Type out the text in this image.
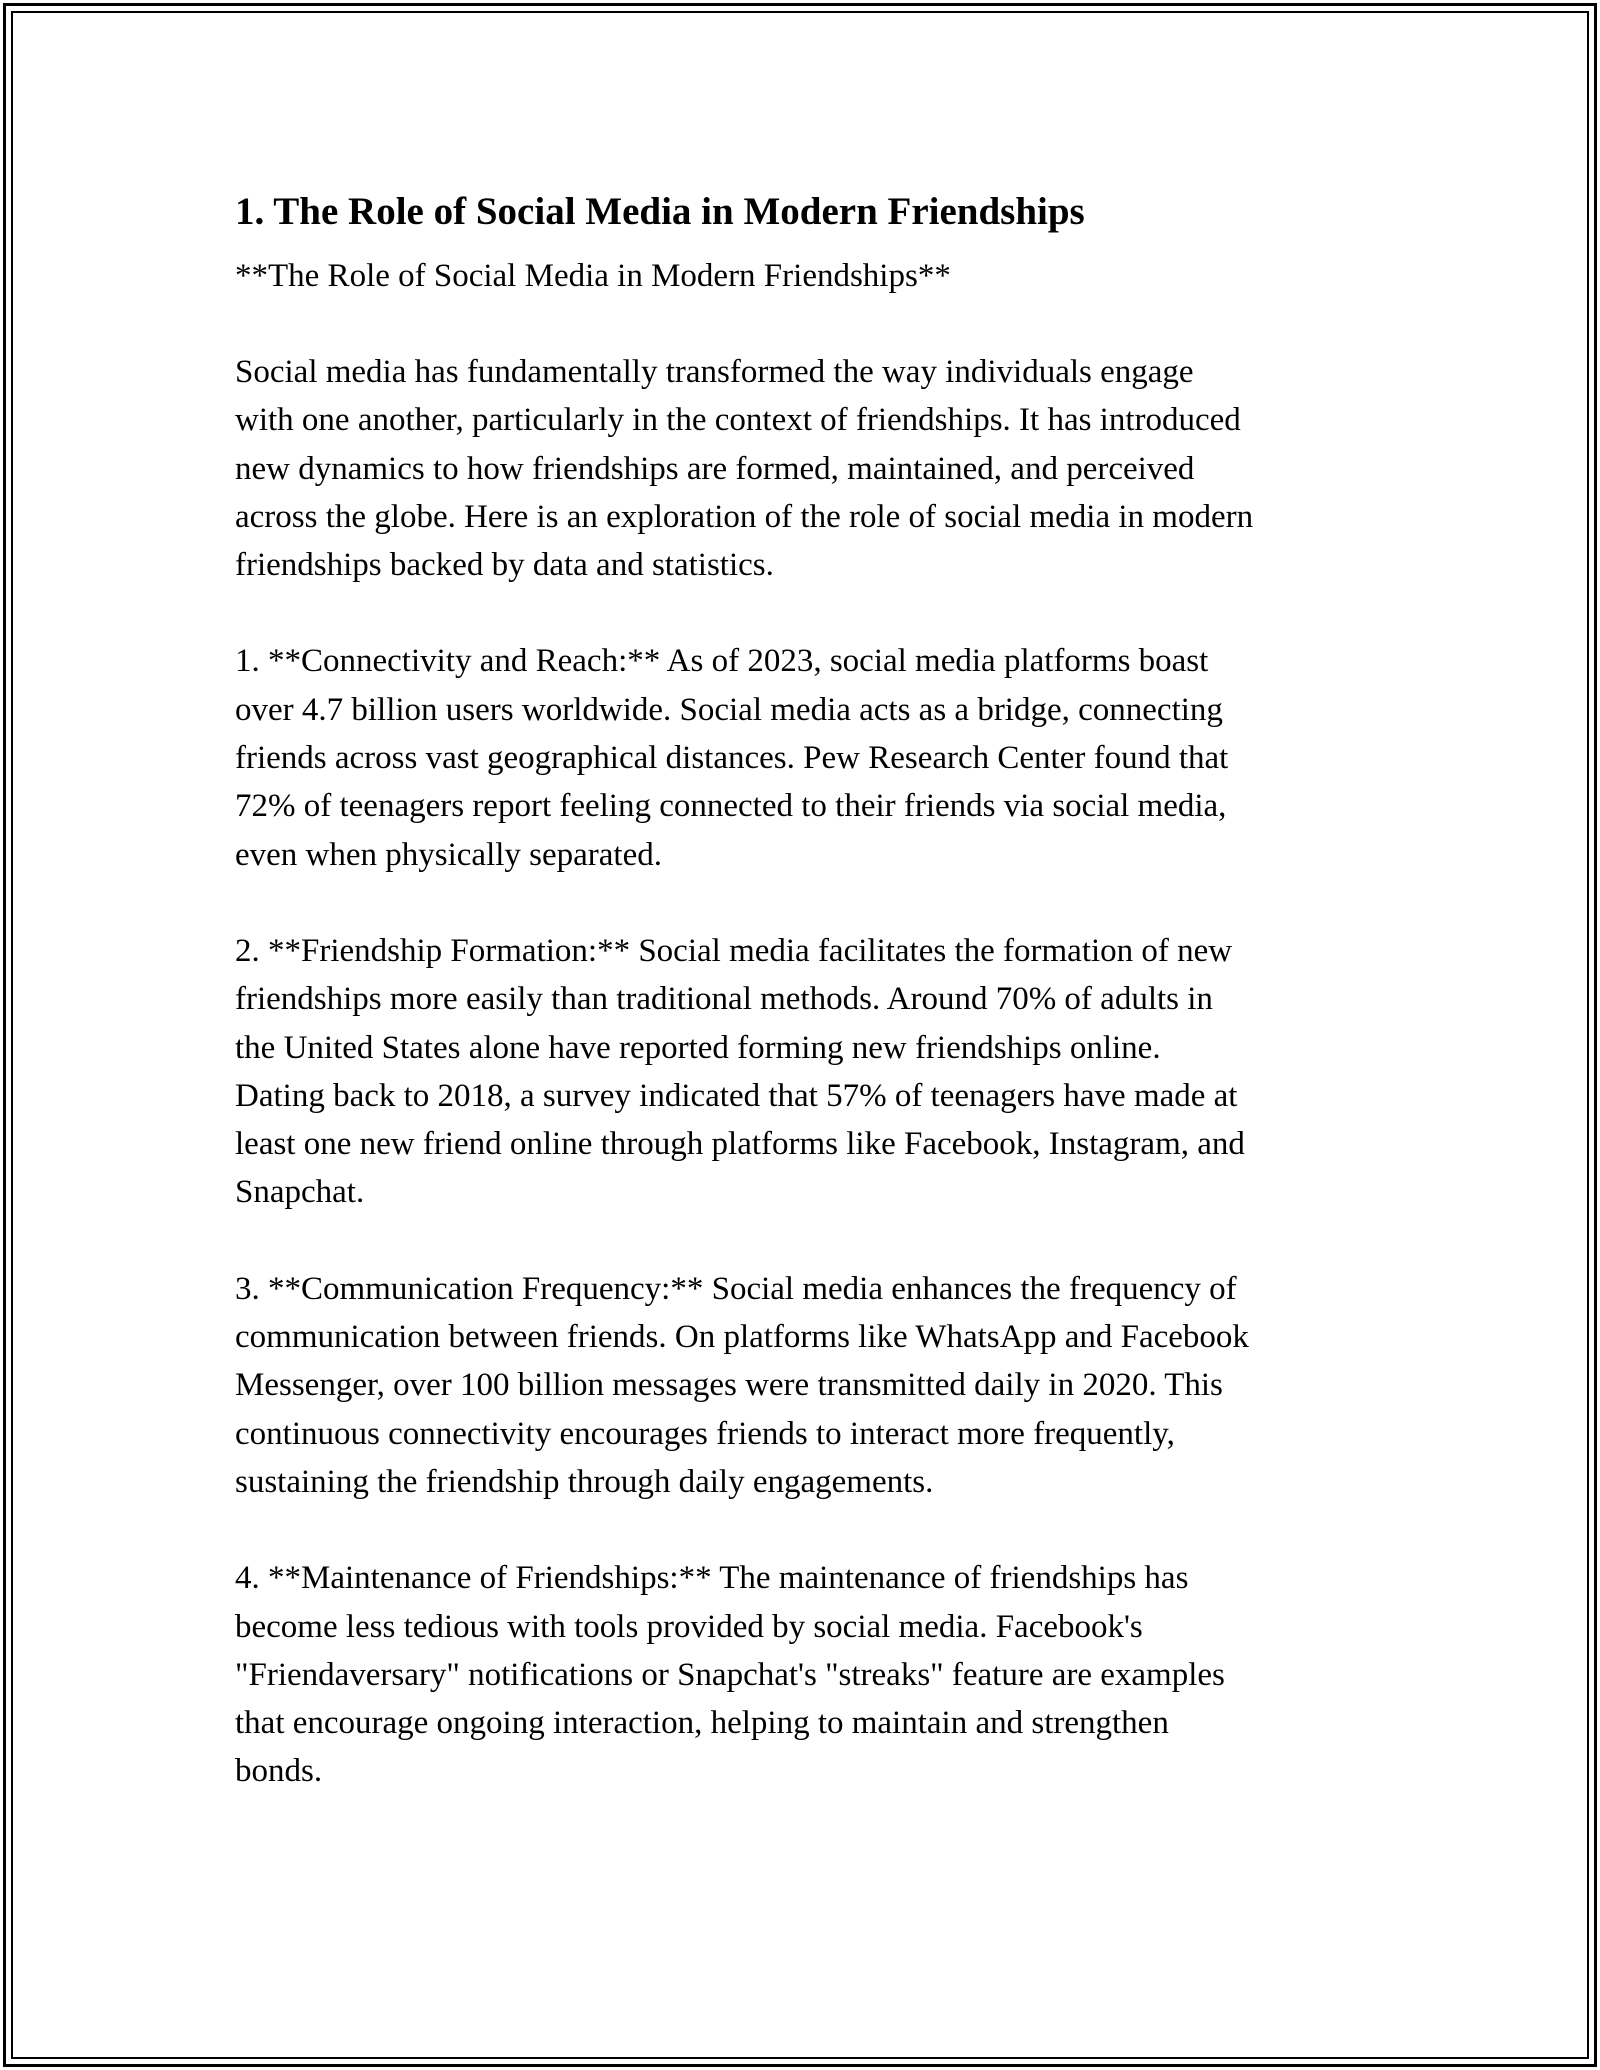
1. The Role of Social Media in Modern Friendships

**The Role of Social Media in Modern Friendships**

Social media has fundamentally transformed the way individuals engage
with one another, particularly in the context of friendships. It has introduced
new dynamics to how friendships are formed, maintained, and perceived
across the globe. Here is an exploration of the role of social media in modern
friendships backed by data and statistics.

1. **Connectivity and Reach:** As of 2023, social media platforms boast
over 4.7 billion users worldwide. Social media acts as a bridge, connecting
friends across vast geographical distances. Pew Research Center found that
72% of teenagers report feeling connected to their friends via social media,
even when physically separated.

2. **Friendship Formation:** Social media facilitates the formation of new
friendships more easily than traditional methods. Around 70% of adults in
the United States alone have reported forming new friendships online.
Dating back to 2018, a survey indicated that 57% of teenagers have made at
least one new friend online through platforms like Facebook, Instagram, and
Snapchat.

3. **Communication Frequency:** Social media enhances the frequency of
communication between friends. On platforms like WhatsApp and Facebook
Messenger, over 100 billion messages were transmitted daily in 2020. This
continuous connectivity encourages friends to interact more frequently,
sustaining the friendship through daily engagements.

4. **Maintenance of Friendships:** The maintenance of friendships has
become less tedious with tools provided by social media. Facebook's
"Friendaversary" notifications or Snapchat's "streaks" feature are examples
that encourage ongoing interaction, helping to maintain and strengthen
bonds.
